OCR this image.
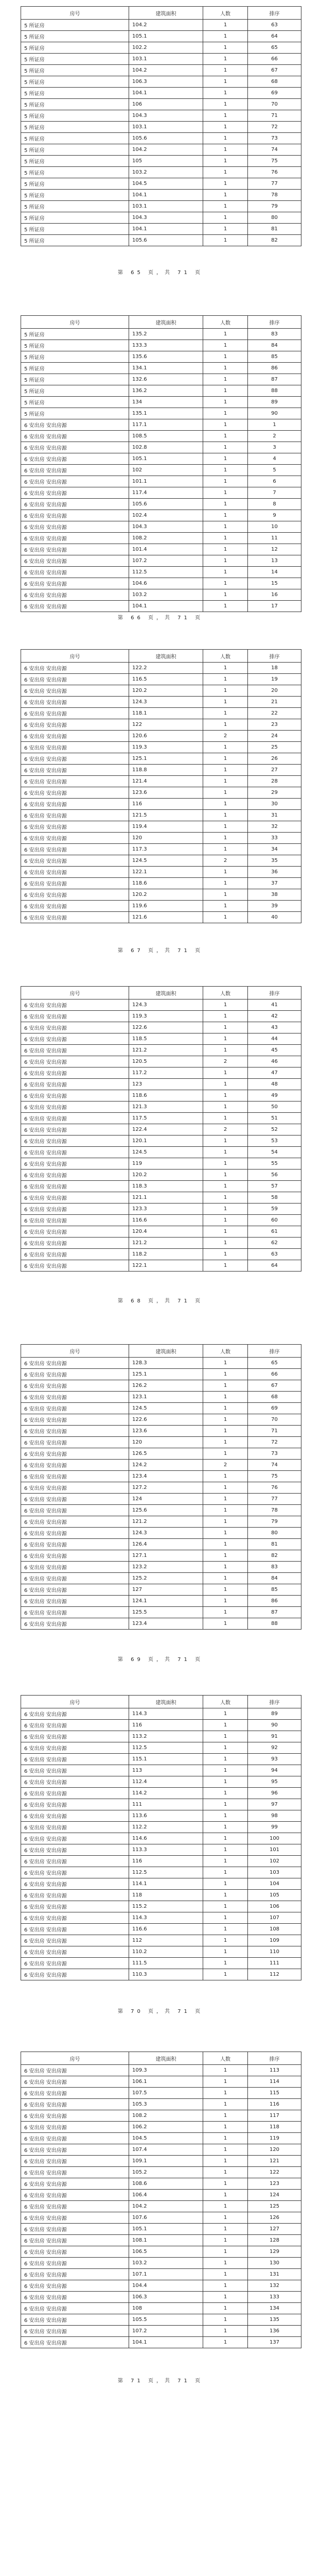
房号	建筑面积	人数	排序
5 所证房	104.2	1	63
5 所证房	105.1	1	64
5 所证房	102.2	1	65
5 所证房	103.1	1	66
5 所证房	104.2	1	67
5 所证房	106.3	1	68
5 所证房	104.1	1	69
5 所证房	106	1	70
5 所证房	104.3	1	71
5 所证房	103.1	1	72
5 所证房	105.6	1	73
5 所证房	104.2	1	74
5 所证房	105	1	75
5 所证房	103.2	1	76
5 所证房	104.5	1	77
5 所证房	104.1	1	78
5 所证房	103.1	1	79
5 所证房	104.3	1	80
5 所证房	104.1	1	81
5 所证房	105.6	1	82
第 65 页，共 71 页
房号	建筑面积	人数	排序
5 所证房	135.2	1	83
5 所证房	133.3	1	84
5 所证房	135.6	1	85
5 所证房	134.1	1	86
5 所证房	132.6	1	87
5 所证房	136.2	1	88
5 所证房	134	1	89
5 所证房	135.1	1	90
6 安出房 安出房源	117.1	1	1
6 安出房 安出房源	108.5	1	2
6 安出房 安出房源	102.8	1	3
6 安出房 安出房源	105.1	1	4
6 安出房 安出房源	102	1	5
6 安出房 安出房源	101.1	1	6
6 安出房 安出房源	117.4	1	7
6 安出房 安出房源	105.6	1	8
6 安出房 安出房源	102.4	1	9
6 安出房 安出房源	104.3	1	10
6 安出房 安出房源	108.2	1	11
6 安出房 安出房源	101.4	1	12
6 安出房 安出房源	107.2	1	13
6 安出房 安出房源	112.5	1	14
6 安出房 安出房源	104.6	1	15
6 安出房 安出房源	103.2	1	16
6 安出房 安出房源	104.1	1	17
第 66 页，共 71 页
房号	建筑面积	人数	排序
6 安出房 安出房源	122.2	1	18
6 安出房 安出房源	116.5	1	19
6 安出房 安出房源	120.2	1	20
6 安出房 安出房源	124.3	1	21
6 安出房 安出房源	118.1	1	22
6 安出房 安出房源	122	1	23
6 安出房 安出房源	120.6	2	24
6 安出房 安出房源	119.3	1	25
6 安出房 安出房源	125.1	1	26
6 安出房 安出房源	118.8	1	27
6 安出房 安出房源	121.4	1	28
6 安出房 安出房源	123.6	1	29
6 安出房 安出房源	116	1	30
6 安出房 安出房源	121.5	1	31
6 安出房 安出房源	119.4	1	32
6 安出房 安出房源	120	1	33
6 安出房 安出房源	117.3	1	34
6 安出房 安出房源	124.5	2	35
6 安出房 安出房源	122.1	1	36
6 安出房 安出房源	118.6	1	37
6 安出房 安出房源	120.2	1	38
6 安出房 安出房源	119.6	1	39
6 安出房 安出房源	121.6	1	40
第 67 页，共 71 页
房号	建筑面积	人数	排序
6 安出房 安出房源	124.3	1	41
6 安出房 安出房源	119.3	1	42
6 安出房 安出房源	122.6	1	43
6 安出房 安出房源	118.5	1	44
6 安出房 安出房源	121.2	1	45
6 安出房 安出房源	120.5	2	46
6 安出房 安出房源	117.2	1	47
6 安出房 安出房源	123	1	48
6 安出房 安出房源	118.6	1	49
6 安出房 安出房源	121.3	1	50
6 安出房 安出房源	117.5	1	51
6 安出房 安出房源	122.4	2	52
6 安出房 安出房源	120.1	1	53
6 安出房 安出房源	124.5	1	54
6 安出房 安出房源	119	1	55
6 安出房 安出房源	120.2	1	56
6 安出房 安出房源	118.3	1	57
6 安出房 安出房源	121.1	1	58
6 安出房 安出房源	123.3	1	59
6 安出房 安出房源	116.6	1	60
6 安出房 安出房源	120.4	1	61
6 安出房 安出房源	121.2	1	62
6 安出房 安出房源	118.2	1	63
6 安出房 安出房源	122.1	1	64
第 68 页，共 71 页
房号	建筑面积	人数	排序
6 安出房 安出房源	128.3	1	65
6 安出房 安出房源	125.1	1	66
6 安出房 安出房源	126.2	1	67
6 安出房 安出房源	123.1	1	68
6 安出房 安出房源	124.5	1	69
6 安出房 安出房源	122.6	1	70
6 安出房 安出房源	123.6	1	71
6 安出房 安出房源	120	1	72
6 安出房 安出房源	126.5	1	73
6 安出房 安出房源	124.2	2	74
6 安出房 安出房源	123.4	1	75
6 安出房 安出房源	127.2	1	76
6 安出房 安出房源	124	1	77
6 安出房 安出房源	125.6	1	78
6 安出房 安出房源	121.2	1	79
6 安出房 安出房源	124.3	1	80
6 安出房 安出房源	126.4	1	81
6 安出房 安出房源	127.1	1	82
6 安出房 安出房源	123.2	1	83
6 安出房 安出房源	125.2	1	84
6 安出房 安出房源	127	1	85
6 安出房 安出房源	124.1	1	86
6 安出房 安出房源	125.5	1	87
6 安出房 安出房源	123.4	1	88
第 69 页，共 71 页
房号	建筑面积	人数	排序
6 安出房 安出房源	114.3	1	89
6 安出房 安出房源	116	1	90
6 安出房 安出房源	113.2	1	91
6 安出房 安出房源	112.5	1	92
6 安出房 安出房源	115.1	1	93
6 安出房 安出房源	113	1	94
6 安出房 安出房源	112.4	1	95
6 安出房 安出房源	114.2	1	96
6 安出房 安出房源	111	1	97
6 安出房 安出房源	113.6	1	98
6 安出房 安出房源	112.2	1	99
6 安出房 安出房源	114.6	1	100
6 安出房 安出房源	113.3	1	101
6 安出房 安出房源	116	1	102
6 安出房 安出房源	112.5	1	103
6 安出房 安出房源	114.1	1	104
6 安出房 安出房源	118	1	105
6 安出房 安出房源	115.2	1	106
6 安出房 安出房源	114.3	1	107
6 安出房 安出房源	116.6	1	108
6 安出房 安出房源	112	1	109
6 安出房 安出房源	110.2	1	110
6 安出房 安出房源	111.5	1	111
6 安出房 安出房源	110.3	1	112
第 70 页，共 71 页
房号	建筑面积	人数	排序
6 安出房 安出房源	109.3	1	113
6 安出房 安出房源	106.1	1	114
6 安出房 安出房源	107.5	1	115
6 安出房 安出房源	105.3	1	116
6 安出房 安出房源	108.2	1	117
6 安出房 安出房源	106.2	1	118
6 安出房 安出房源	104.5	1	119
6 安出房 安出房源	107.4	1	120
6 安出房 安出房源	109.1	1	121
6 安出房 安出房源	105.2	1	122
6 安出房 安出房源	108.6	1	123
6 安出房 安出房源	106.4	1	124
6 安出房 安出房源	104.2	1	125
6 安出房 安出房源	107.6	1	126
6 安出房 安出房源	105.1	1	127
6 安出房 安出房源	108.1	1	128
6 安出房 安出房源	106.5	1	129
6 安出房 安出房源	103.2	1	130
6 安出房 安出房源	107.1	1	131
6 安出房 安出房源	104.4	1	132
6 安出房 安出房源	106.3	1	133
6 安出房 安出房源	108	1	134
6 安出房 安出房源	105.5	1	135
6 安出房 安出房源	107.2	1	136
6 安出房 安出房源	104.1	1	137
第 71 页，共 71 页
